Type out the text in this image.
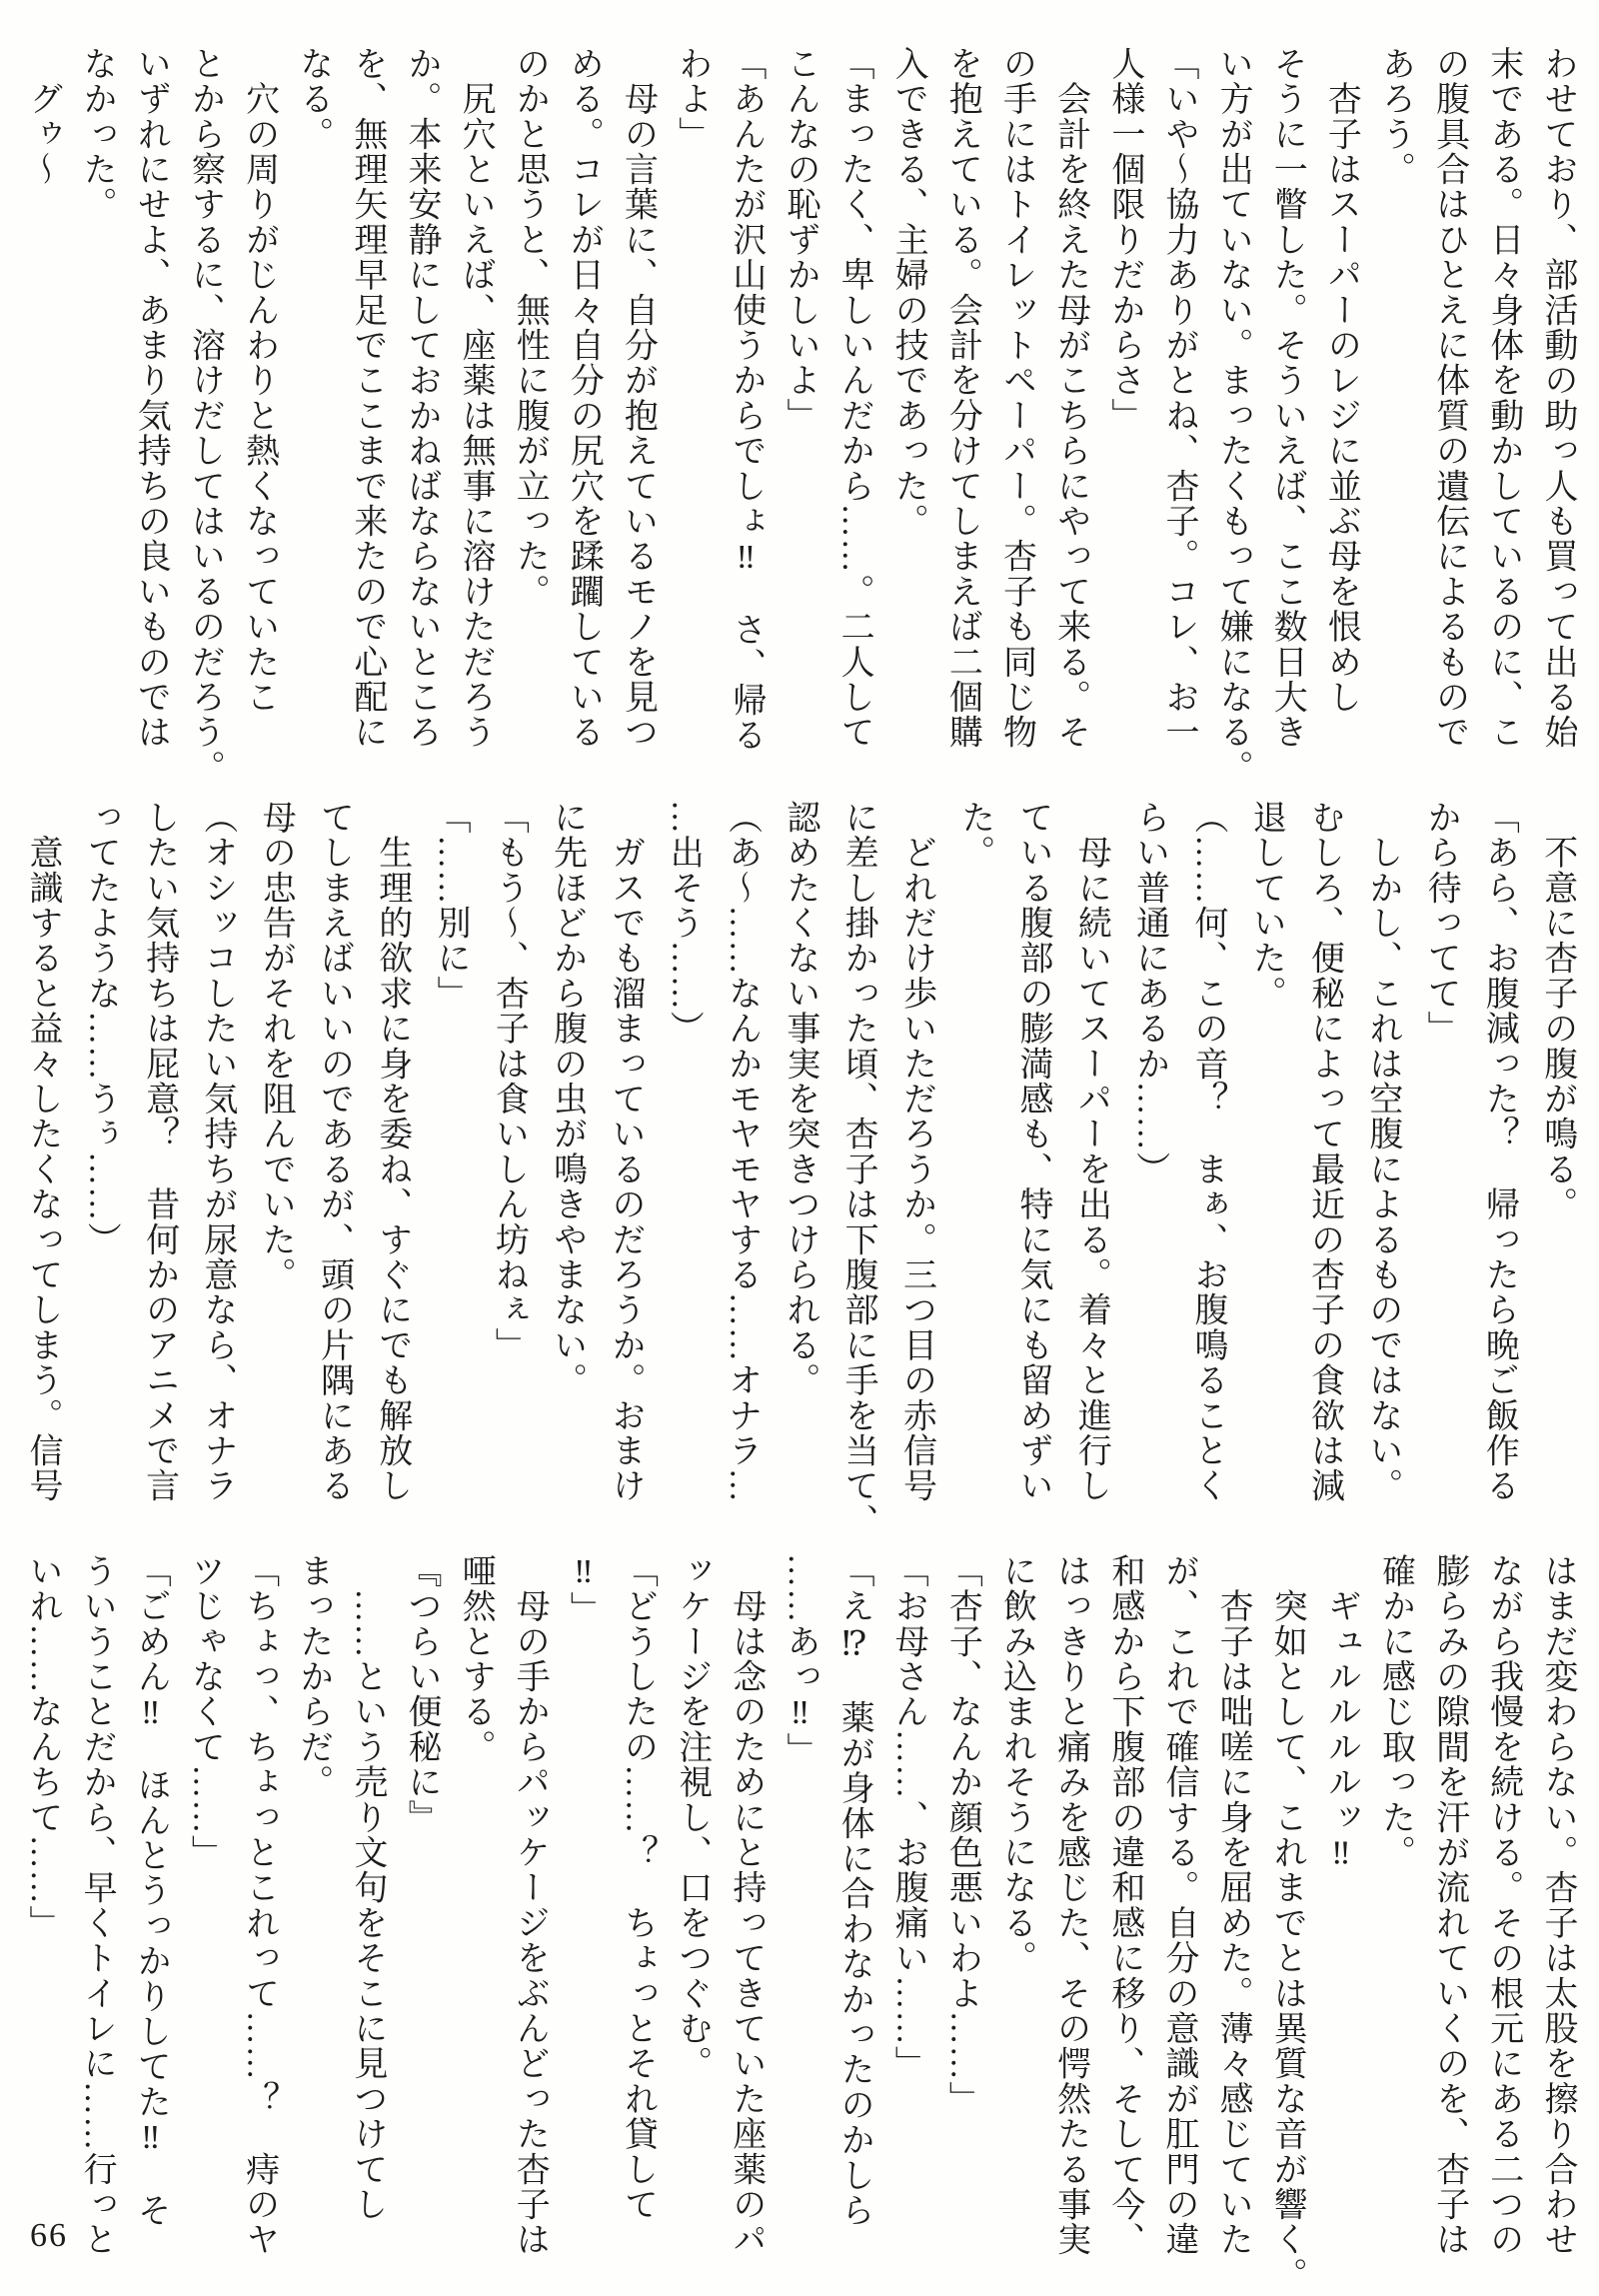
わせており、部活動の助っ人も買って出る始
末である。日々身体を動かしているのに、こ
の腹具合はひとえに体質の遺伝によるもので
あろう。
　杏子はスーパーのレジに並ぶ母を恨めし
そうに一瞥した。そういえば、ここ数日大き
い方が出ていない。まったくもって嫌になる。
「いや〜協力ありがとね、杏子。コレ、お一
人様一個限りだからさ」
　会計を終えた母がこちらにやって来る。そ
の手にはトイレットペーパー。杏子も同じ物
を抱えている。会計を分けてしまえば二個購
入できる、主婦の技であった。
「まったく、卑しいんだから……。二人して
こんなの恥ずかしいよ」
「あんたが沢山使うからでしょ‼　さ、帰る
わよ」
　母の言葉に、自分が抱えているモノを見つ
める。コレが日々自分の尻穴を蹂躙している
のかと思うと、無性に腹が立った。
　尻穴といえば、座薬は無事に溶けただろう
か。本来安静にしておかねばならないところ
を、無理矢理早足でここまで来たので心配に
なる。
　穴の周りがじんわりと熱くなっていたこ
とから察するに、溶けだしてはいるのだろう。
いずれにせよ、あまり気持ちの良いものでは
なかった。
　グゥ〜
　不意に杏子の腹が鳴る。
「あら、お腹減った？　帰ったら晩ご飯作る
から待ってて」
　しかし、これは空腹によるものではない。
むしろ、便秘によって最近の杏子の食欲は減
退していた。
（……何、この音？　まぁ、お腹鳴ることく
らい普通にあるか……）
　母に続いてスーパーを出る。着々と進行し
ている腹部の膨満感も、特に気にも留めずい
た。
　どれだけ歩いただろうか。三つ目の赤信号
に差し掛かった頃、杏子は下腹部に手を当て、
認めたくない事実を突きつけられる。
（あ〜……なんかモヤモヤする……オナラ…
…出そう……）
　ガスでも溜まっているのだろうか。おまけ
に先ほどから腹の虫が鳴きやまない。
「もう〜、杏子は食いしん坊ねぇ」
「……別に」
　生理的欲求に身を委ね、すぐにでも解放し
てしまえばいいのであるが、頭の片隅にある
母の忠告がそれを阻んでいた。
（オシッコしたい気持ちが尿意なら、オナラ
したい気持ちは屁意？　昔何かのアニメで言
ってたような……うぅ……）
　意識すると益々したくなってしまう。信号
はまだ変わらない。杏子は太股を擦り合わせ
ながら我慢を続ける。その根元にある二つの
膨らみの隙間を汗が流れていくのを、杏子は
確かに感じ取った。
　ギュルルルルッ‼
　突如として、これまでとは異質な音が響く。
　杏子は咄嗟に身を屈めた。薄々感じていた
が、これで確信する。自分の意識が肛門の違
和感から下腹部の違和感に移り、そして今、
はっきりと痛みを感じた、その愕然たる事実
に飲み込まれそうになる。
「杏子、なんか顔色悪いわよ……」
「お母さん……、お腹痛い……」
「え⁉　薬が身体に合わなかったのかしら
……あっ‼」
　母は念のためにと持ってきていた座薬のパ
ッケージを注視し、口をつぐむ。
「どうしたの……？　ちょっとそれ貸して
‼」
　母の手からパッケージをぶんどった杏子は
唖然とする。
『つらい便秘に』
　……という売り文句をそこに見つけてし
まったからだ。
「ちょっ、ちょっとこれって……？　痔のヤ
ツじゃなくて……」
「ごめん‼　ほんとうっかりしてた‼　そ
ういうことだから、早くトイレに……行っと
いれ……なんちて……」
66
